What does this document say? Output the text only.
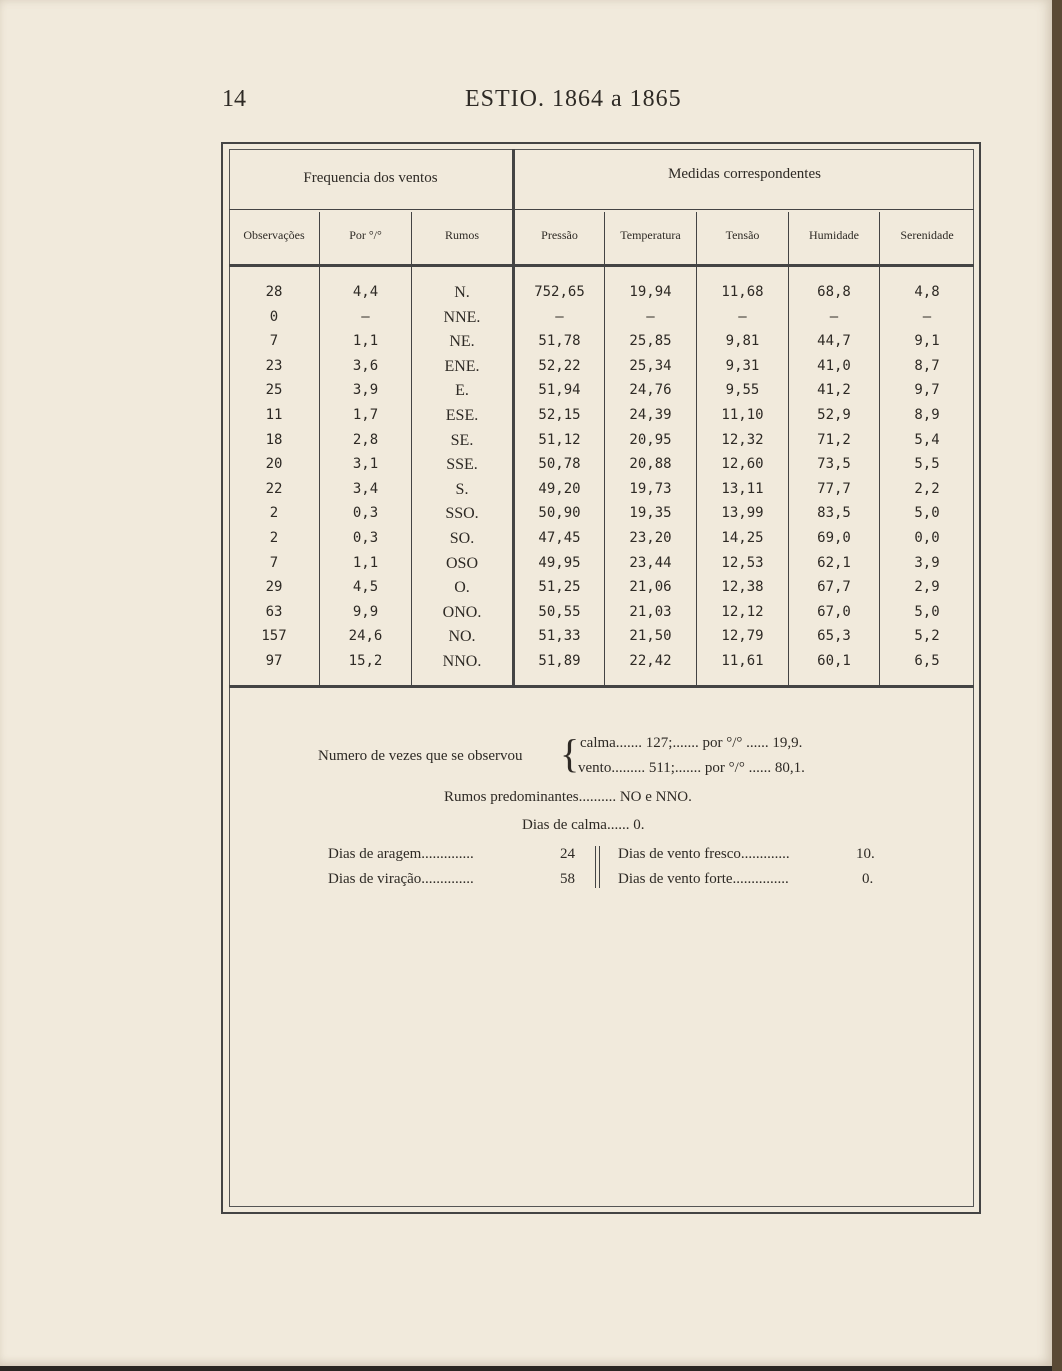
14	ESTIO. 1864 a 1865
Frequencia dos ventos	Medidas correspondentes
Observações	Por °/°	Rumos	Pressão	Temperatura	Tensão	Humidade	Serenidade
28	4,4	N.	752,65	19,94	11,68	68,8	4,8
0	—	NNE.	—	—	—	—	—
7	1,1	NE.	51,78	25,85	9,81	44,7	9,1
23	3,6	ENE.	52,22	25,34	9,31	41,0	8,7
25	3,9	E.	51,94	24,76	9,55	41,2	9,7
11	1,7	ESE.	52,15	24,39	11,10	52,9	8,9
18	2,8	SE.	51,12	20,95	12,32	71,2	5,4
20	3,1	SSE.	50,78	20,88	12,60	73,5	5,5
22	3,4	S.	49,20	19,73	13,11	77,7	2,2
2	0,3	SSO.	50,90	19,35	13,99	83,5	5,0
2	0,3	SO.	47,45	23,20	14,25	69,0	0,0
7	1,1	OSO	49,95	23,44	12,53	62,1	3,9
29	4,5	O.	51,25	21,06	12,38	67,7	2,9
63	9,9	ONO.	50,55	21,03	12,12	67,0	5,0
157	24,6	NO.	51,33	21,50	12,79	65,3	5,2
97	15,2	NNO.	51,89	22,42	11,61	60,1	6,5
Numero de vezes que se observou { calma....... 127;....... por °/° ...... 19,9.
vento......... 511;....... por °/° ...... 80,1.
Rumos predominantes.......... NO e NNO.
Dias de calma...... 0.
Dias de aragem..............	24
Dias de viração..............	58
Dias de vento fresco.............	10.
Dias de vento forte...............	0.
